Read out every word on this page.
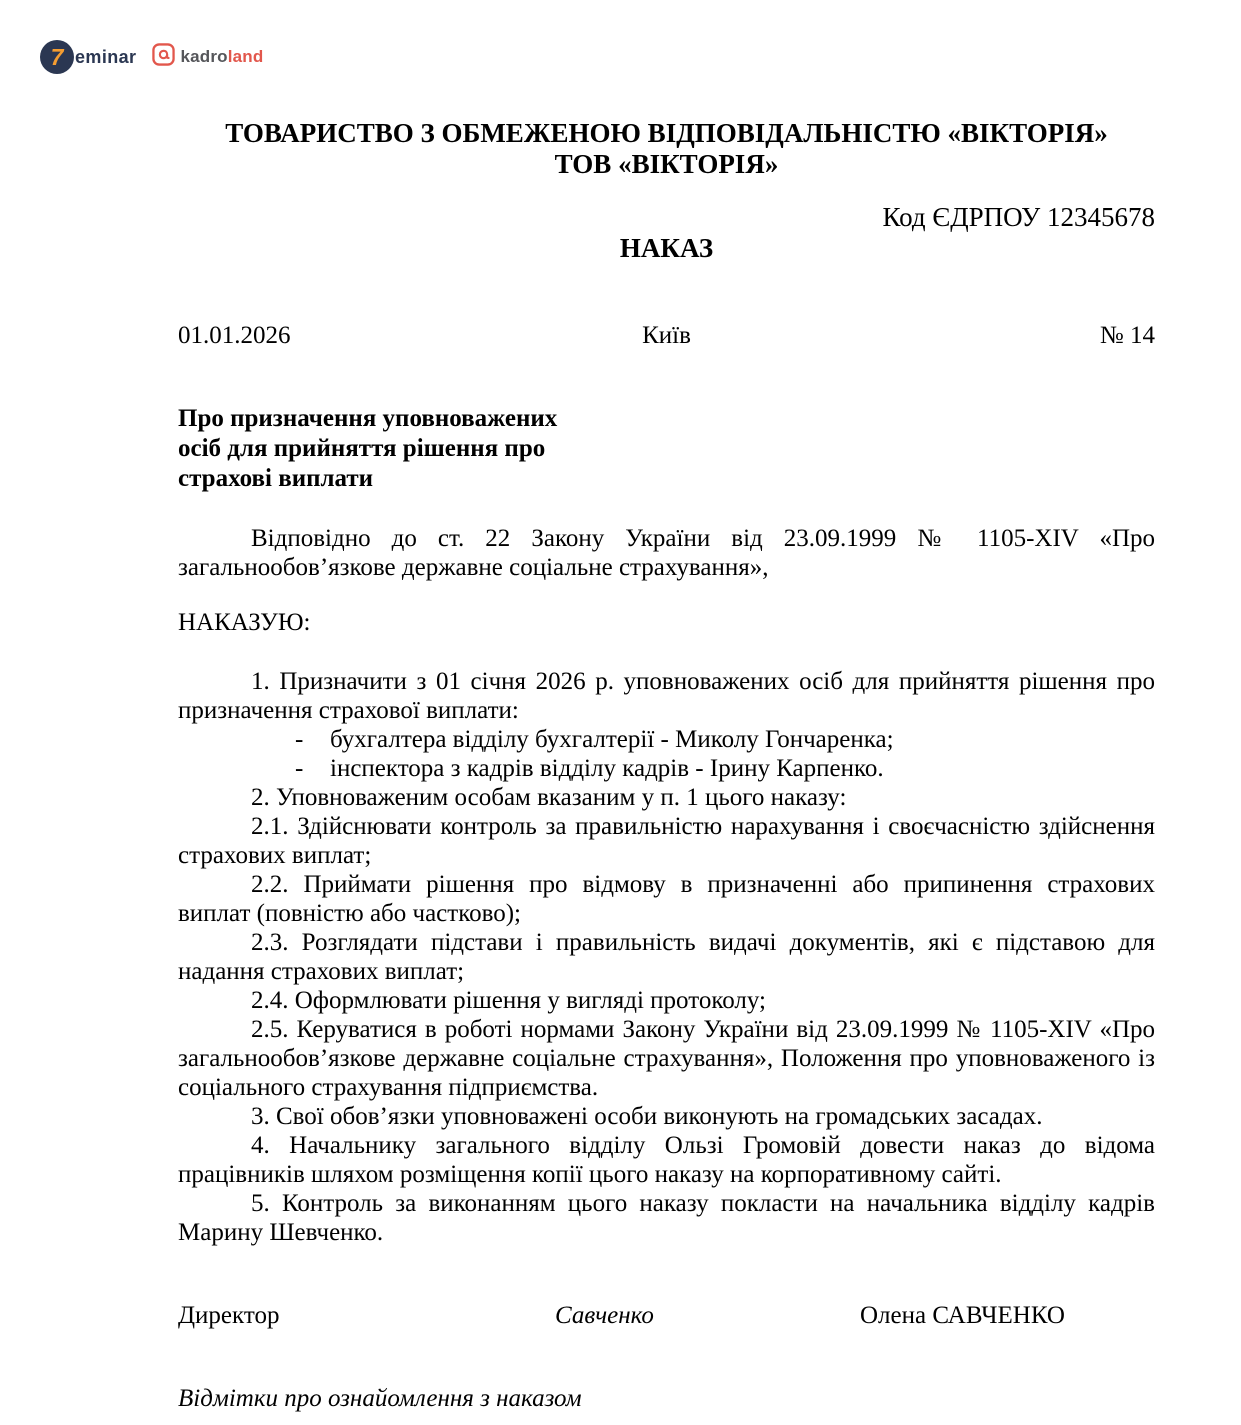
7 eminar	kadroland
ТОВАРИСТВО З ОБМЕЖЕНОЮ ВІДПОВІДАЛЬНІСТЮ «ВІКТОРІЯ»
ТОВ «ВІКТОРІЯ»
Код ЄДРПОУ 12345678
НАКАЗ
01.01.2026	Київ	№ 14
Про призначення уповноважених
осіб для прийняття рішення про
страхові виплати

Відповідно до ст. 22 Закону України від 23.09.1999 № 1105-XIV «Про загальнообов’язкове державне соціальне страхування»,

НАКАЗУЮ:

1. Призначити з 01 січня 2026 р. уповноважених осіб для прийняття рішення про призначення страхової виплати:

- бухгалтера відділу бухгалтерії - Миколу Гончаренка;

- інспектора з кадрів відділу кадрів - Ірину Карпенко.

2. Уповноваженим особам вказаним у п. 1 цього наказу:

2.1. Здійснювати контроль за правильністю нарахування і своєчасністю здійснення страхових виплат;

2.2. Приймати рішення про відмову в призначенні або припинення страхових виплат (повністю або частково);

2.3. Розглядати підстави і правильність видачі документів, які є підставою для надання страхових виплат;

2.4. Оформлювати рішення у вигляді протоколу;

2.5. Керуватися в роботі нормами Закону України від 23.09.1999 № 1105-XIV «Про загальнообов’язкове державне соціальне страхування», Положення про уповноваженого із соціального страхування підприємства.

3. Свої обов’язки уповноважені особи виконують на громадських засадах.

4. Начальнику загального відділу Ользі Громовій довести наказ до відома працівників шляхом розміщення копії цього наказу на корпоративному сайті.

5. Контроль за виконанням цього наказу покласти на начальника відділу кадрів Марину Шевченко.

Директор	Савченко	Олена САВЧЕНКО
Відмітки про ознайомлення з наказом
